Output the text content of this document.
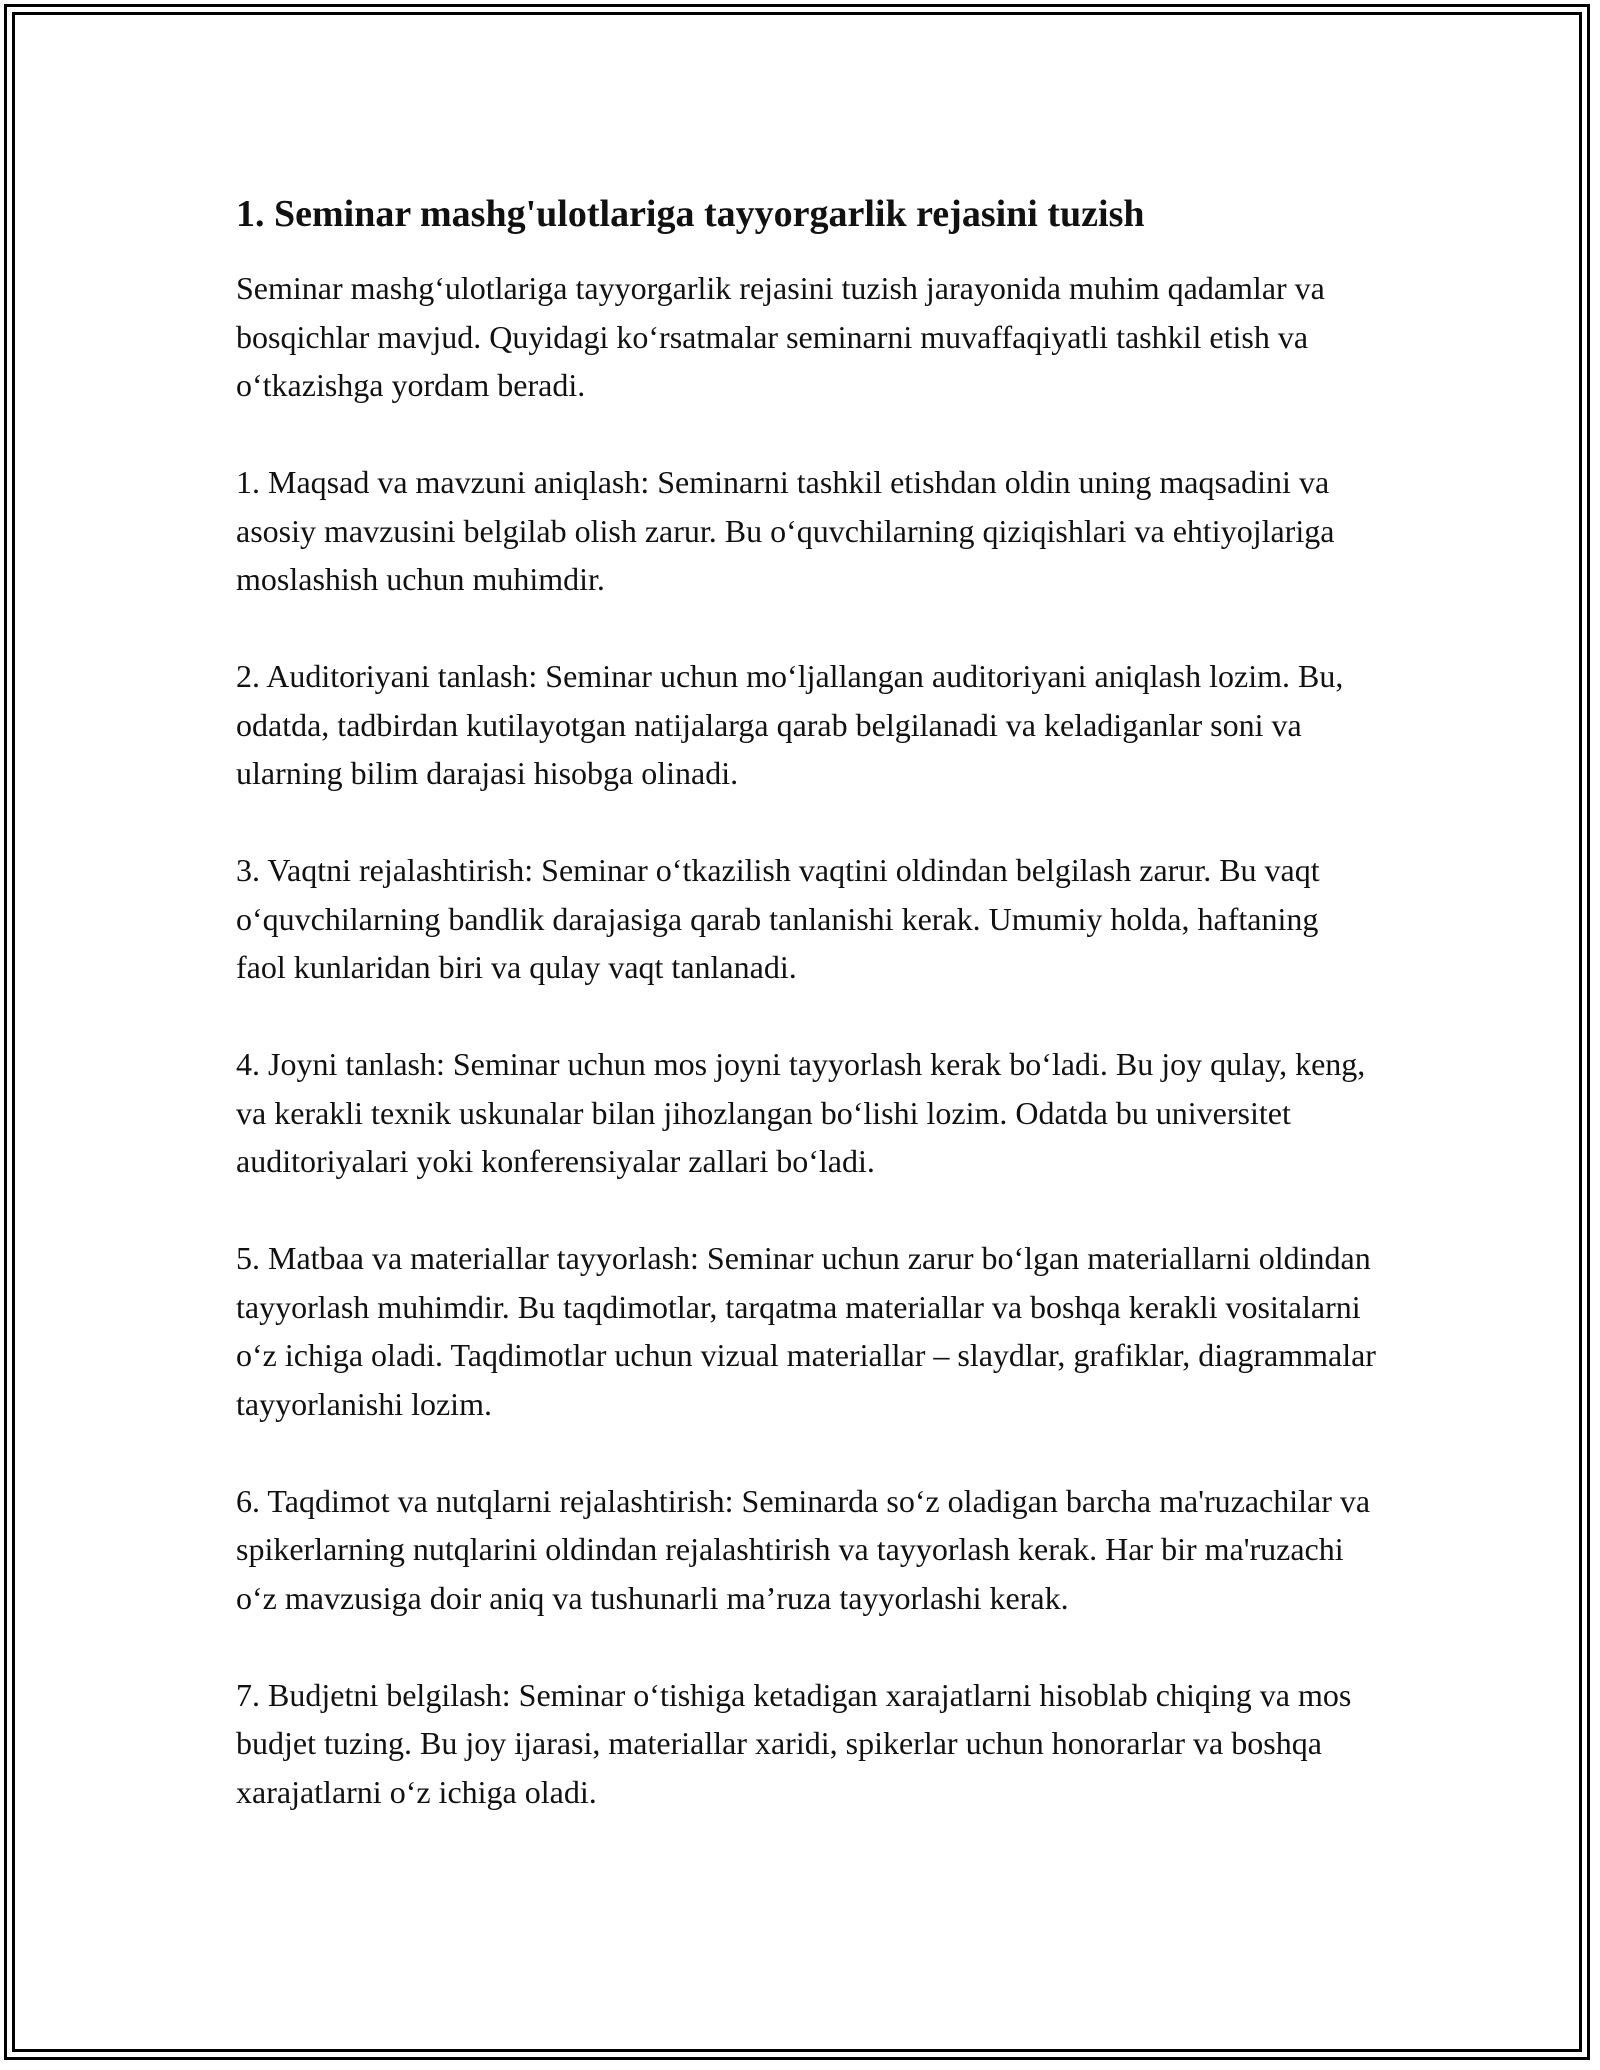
1. Seminar mashg'ulotlariga tayyorgarlik rejasini tuzish

Seminar mashg‘ulotlariga tayyorgarlik rejasini tuzish jarayonida muhim qadamlar va bosqichlar mavjud. Quyidagi ko‘rsatmalar seminarni muvaffaqiyatli tashkil etish va o‘tkazishga yordam beradi.

1. Maqsad va mavzuni aniqlash: Seminarni tashkil etishdan oldin uning maqsadini va asosiy mavzusini belgilab olish zarur. Bu o‘quvchilarning qiziqishlari va ehtiyojlariga moslashish uchun muhimdir.

2. Auditoriyani tanlash: Seminar uchun mo‘ljallangan auditoriyani aniqlash lozim. Bu, odatda, tadbirdan kutilayotgan natijalarga qarab belgilanadi va keladiganlar soni va ularning bilim darajasi hisobga olinadi.

3. Vaqtni rejalashtirish: Seminar o‘tkazilish vaqtini oldindan belgilash zarur. Bu vaqt o‘quvchilarning bandlik darajasiga qarab tanlanishi kerak. Umumiy holda, haftaning faol kunlaridan biri va qulay vaqt tanlanadi.

4. Joyni tanlash: Seminar uchun mos joyni tayyorlash kerak bo‘ladi. Bu joy qulay, keng, va kerakli texnik uskunalar bilan jihozlangan bo‘lishi lozim. Odatda bu universitet auditoriyalari yoki konferensiyalar zallari bo‘ladi.

5. Matbaa va materiallar tayyorlash: Seminar uchun zarur bo‘lgan materiallarni oldindan tayyorlash muhimdir. Bu taqdimotlar, tarqatma materiallar va boshqa kerakli vositalarni o‘z ichiga oladi. Taqdimotlar uchun vizual materiallar – slaydlar, grafiklar, diagrammalar tayyorlanishi lozim.

6. Taqdimot va nutqlarni rejalashtirish: Seminarda so‘z oladigan barcha ma'ruzachilar va spikerlarning nutqlarini oldindan rejalashtirish va tayyorlash kerak. Har bir ma'ruzachi o‘z mavzusiga doir aniq va tushunarli ma’ruza tayyorlashi kerak.

7. Budjetni belgilash: Seminar o‘tishiga ketadigan xarajatlarni hisoblab chiqing va mos budjet tuzing. Bu joy ijarasi, materiallar xaridi, spikerlar uchun honorarlar va boshqa xarajatlarni o‘z ichiga oladi.
